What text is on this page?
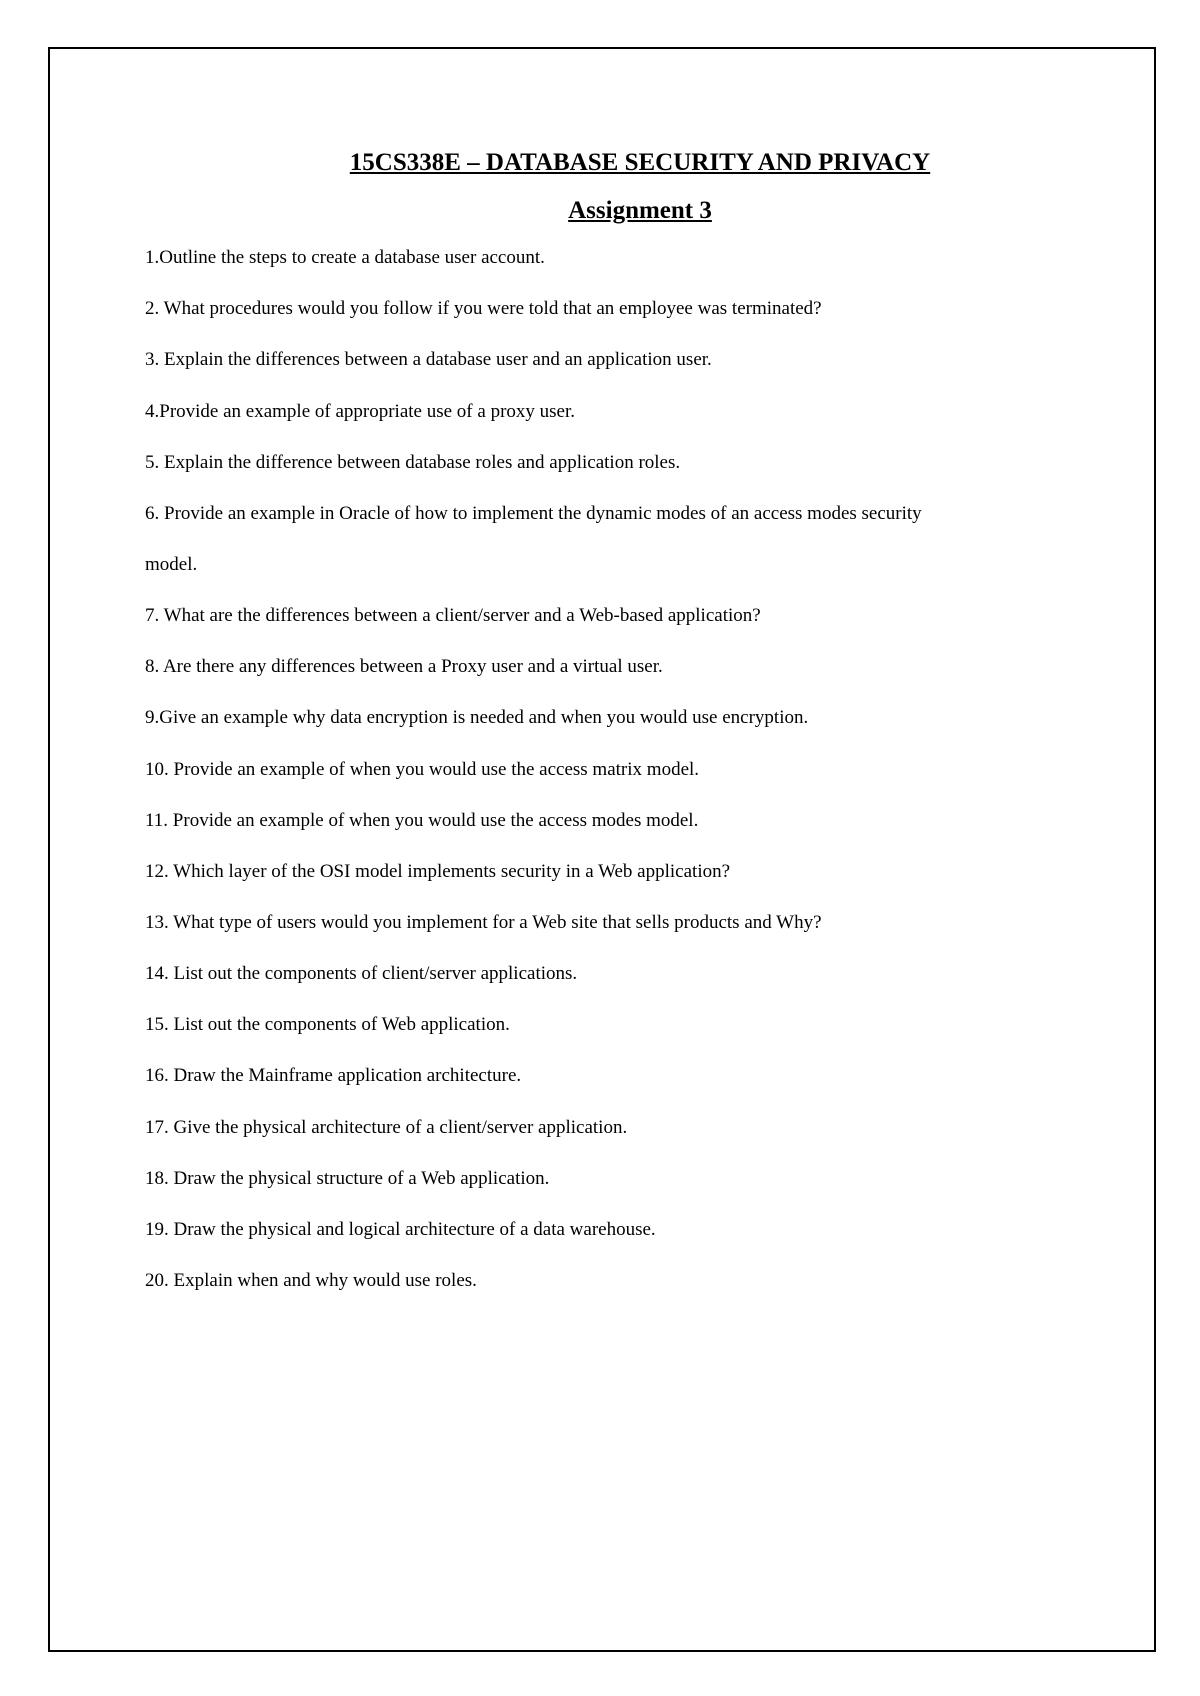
15CS338E – DATABASE SECURITY AND PRIVACY
Assignment 3
1.Outline the steps to create a database user account.
2. What procedures would you follow if you were told that an employee was terminated?
3. Explain the differences between a database user and an application user.
4.Provide an example of appropriate use of a proxy user.
5. Explain the difference between database roles and application roles.
6. Provide an example in Oracle of how to implement the dynamic modes of an access modes security
model.
7. What are the differences between a client/server and a Web-based application?
8. Are there any differences between a Proxy user and a virtual user.
9.Give an example why data encryption is needed and when you would use encryption.
10. Provide an example of when you would use the access matrix model.
11. Provide an example of when you would use the access modes model.
12. Which layer of the OSI model implements security in a Web application?
13. What type of users would you implement for a Web site that sells products and Why?
14. List out the components of client/server applications.
15. List out the components of Web application.
16. Draw the Mainframe application architecture.
17. Give the physical architecture of a client/server application.
18. Draw the physical structure of a Web application.
19. Draw the physical and logical architecture of a data warehouse.
20. Explain when and why would use roles.
